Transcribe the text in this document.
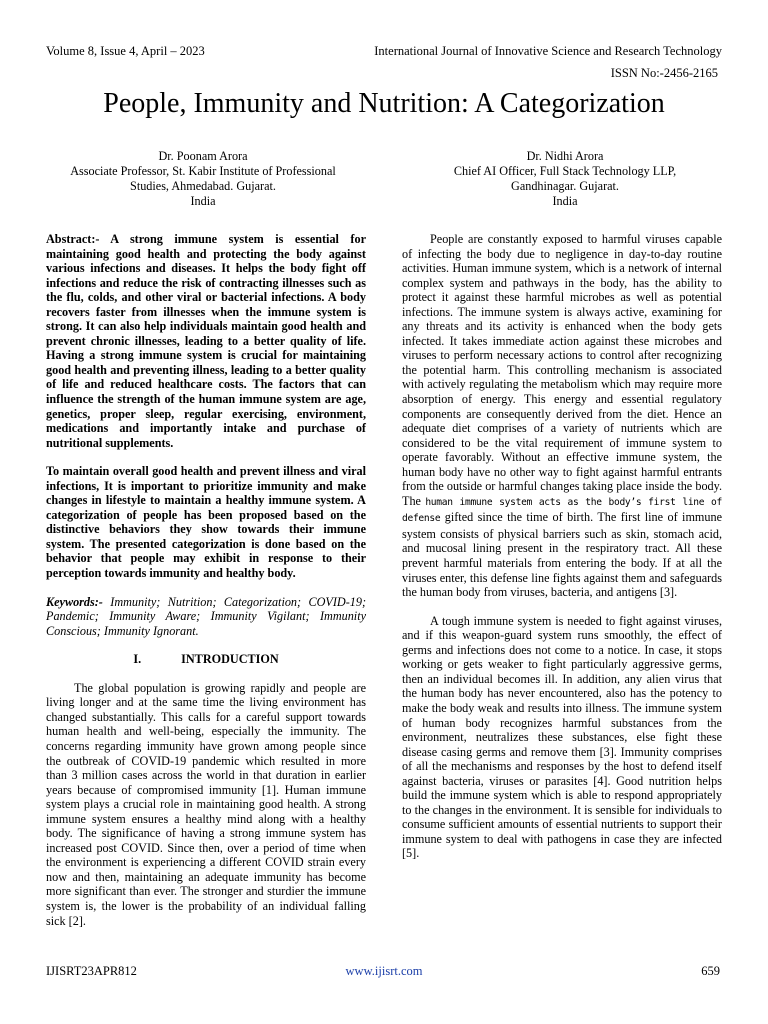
Volume 8, Issue 4, April – 2023	International Journal of Innovative Science and Research Technology
ISSN No:-2456-2165
People, Immunity and Nutrition: A Categorization
Dr. Poonam Arora
Associate Professor, St. Kabir Institute of Professional
Studies, Ahmedabad. Gujarat.
India
Dr. Nidhi Arora
Chief AI Officer, Full Stack Technology LLP,
Gandhinagar. Gujarat.
India

Abstract:- A strong immune system is essential for maintaining good health and protecting the body against various infections and diseases. It helps the body fight off infections and reduce the risk of contracting illnesses such as the flu, colds, and other viral or bacterial infections. A body recovers faster from illnesses when the immune system is strong. It can also help individuals maintain good health and prevent chronic illnesses, leading to a better quality of life. Having a strong immune system is crucial for maintaining good health and preventing illness, leading to a better quality of life and reduced healthcare costs. The factors that can influence the strength of the human immune system are age, genetics, proper sleep, regular exercising, environment, medications and importantly intake and purchase of nutritional supplements.

To maintain overall good health and prevent illness and viral infections, It is important to prioritize immunity and make changes in lifestyle to maintain a healthy immune system. A categorization of people has been proposed based on the distinctive behaviors they show towards their immune system. The presented categorization is done based on the behavior that people may exhibit in response to their perception towards immunity and healthy body.

Keywords:- Immunity; Nutrition; Categorization; COVID-19; Pandemic; Immunity Aware; Immunity Vigilant; Immunity Conscious; Immunity Ignorant.

I.	INTRODUCTION

The global population is growing rapidly and people are living longer and at the same time the living environment has changed substantially. This calls for a careful support towards human health and well-being, especially the immunity. The concerns regarding immunity have grown among people since the outbreak of COVID-19 pandemic which resulted in more than 3 million cases across the world in that duration in earlier years because of compromised immunity [1]. Human immune system plays a crucial role in maintaining good health. A strong immune system ensures a healthy mind along with a healthy body. The significance of having a strong immune system has increased post COVID. Since then, over a period of time when the environment is experiencing a different COVID strain every now and then, maintaining an adequate immunity has become more significant than ever. The stronger and sturdier the immune system is, the lower is the probability of an individual falling sick [2].

People are constantly exposed to harmful viruses capable of infecting the body due to negligence in day-to-day routine activities. Human immune system, which is a network of internal complex system and pathways in the body, has the ability to protect it against these harmful microbes as well as potential infections. The immune system is always active, examining for any threats and its activity is enhanced when the body gets infected. It takes immediate action against these microbes and viruses to perform necessary actions to control after recognizing the potential harm. This controlling mechanism is associated with actively regulating the metabolism which may require more absorption of energy. This energy and essential regulatory components are consequently derived from the diet. Hence an adequate diet comprises of a variety of nutrients which are considered to be the vital requirement of immune system to operate favorably. Without an effective immune system, the human body have no other way to fight against harmful entrants from the outside or harmful changes taking place inside the body. The human immune system acts as the body’s first line of defense gifted since the time of birth. The first line of immune system consists of physical barriers such as skin, stomach acid, and mucosal lining present in the respiratory tract. All these prevent harmful materials from entering the body. If at all the viruses enter, this defense line fights against them and safeguards the human body from viruses, bacteria, and antigens [3].

A tough immune system is needed to fight against viruses, and if this weapon-guard system runs smoothly, the effect of germs and infections does not come to a notice. In case, it stops working or gets weaker to fight particularly aggressive germs, then an individual becomes ill. In addition, any alien virus that the human body has never encountered, also has the potency to make the body weak and results into illness. The immune system of human body recognizes harmful substances from the environment, neutralizes these substances, else fight these disease casing germs and remove them [3]. Immunity comprises of all the mechanisms and responses by the host to defend itself against bacteria, viruses or parasites [4]. Good nutrition helps build the immune system which is able to respond appropriately to the changes in the environment. It is sensible for individuals to consume sufficient amounts of essential nutrients to support their immune system to deal with pathogens in case they are infected [5].

IJISRT23APR812	www.ijisrt.com	659
